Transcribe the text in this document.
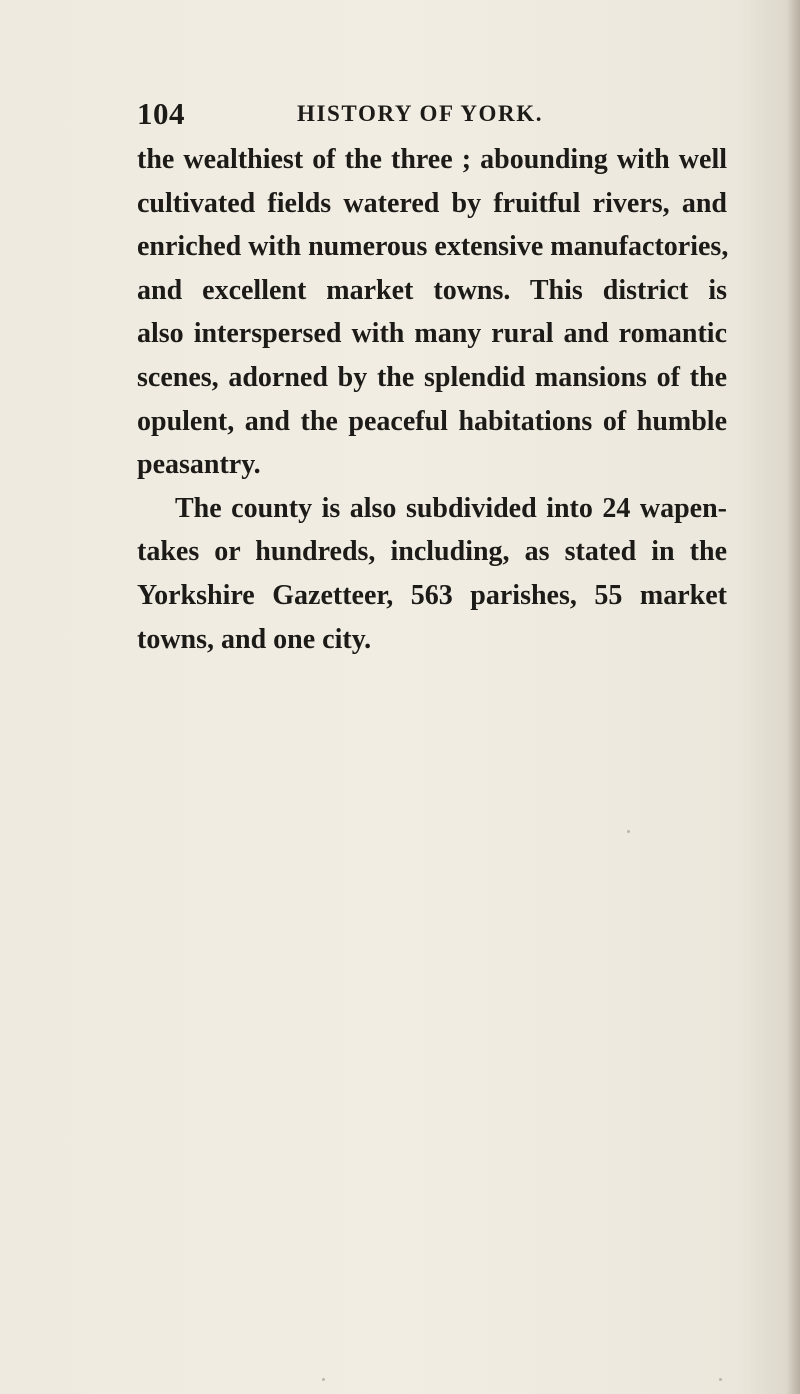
104	HISTORY OF YORK.
the wealthiest of the three ; abounding with well
cultivated fields watered by fruitful rivers, and
enriched with numerous extensive manufactories,
and excellent market towns. This district is
also interspersed with many rural and romantic
scenes, adorned by the splendid mansions of the
opulent, and the peaceful habitations of humble
peasantry.
The county is also subdivided into 24 wapen-
takes or hundreds, including, as stated in the
Yorkshire Gazetteer, 563 parishes, 55 market
towns, and one city.
